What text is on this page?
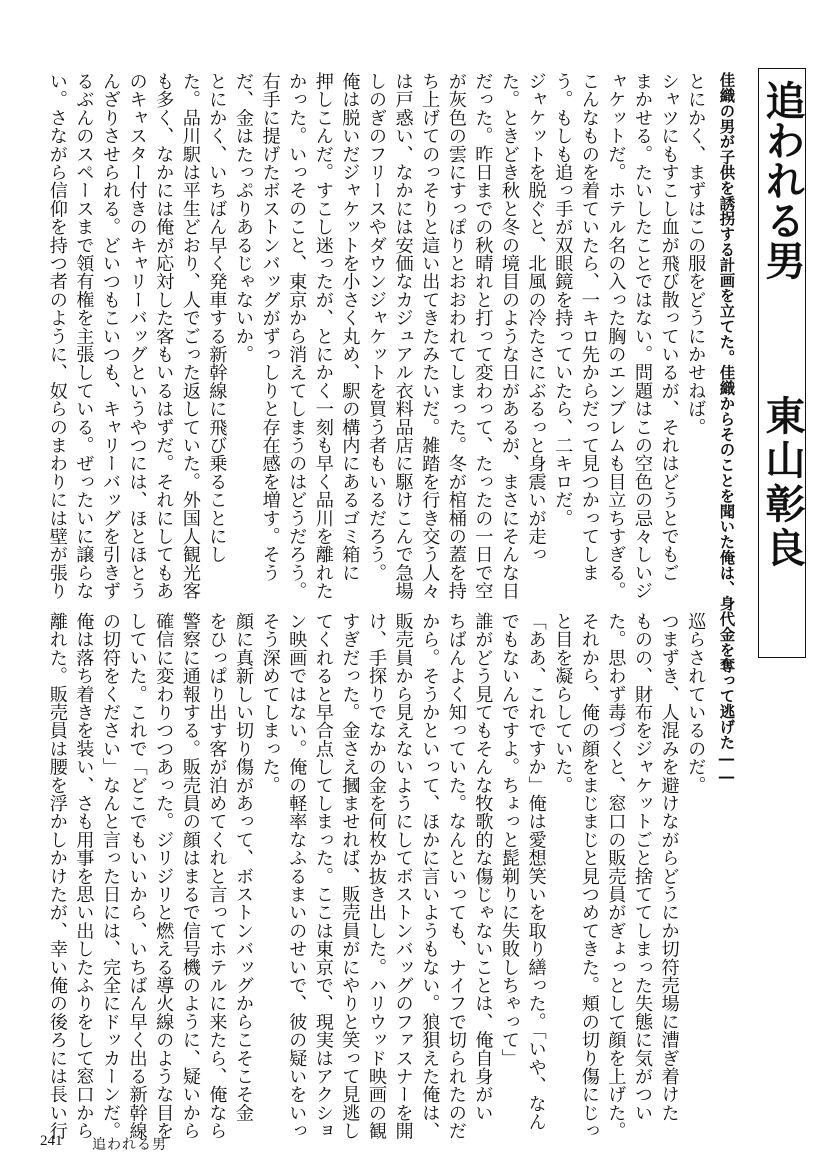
追われる男
東山彰良
佳織の男が子供を誘拐する計画を立てた。佳織からそのことを聞いた俺は、身代金を奪って逃げた――
とにかく、まずはこの服をどうにかせねば。
シャツにもすこし血が飛び散っているが、それはどうとでもご
まかせる。たいしたことではない。問題はこの空色の忌々しいジ
ャケットだ。ホテル名の入った胸のエンブレムも目立ちすぎる。
こんなものを着ていたら、一キロ先からだって見つかってしま
う。もしも追っ手が双眼鏡を持っていたら、二キロだ。
ジャケットを脱ぐと、北風の冷たさにぶるっと身震いが走っ
た。ときどき秋と冬の境目のような日があるが、まさにそんな日
だった。昨日までの秋晴れと打って変わって、たったの一日で空
が灰色の雲にすっぽりとおおわれてしまった。冬が棺桶の蓋を持
ち上げてのっそりと這い出てきたみたいだ。雑踏を行き交う人々
は戸惑い、なかには安価なカジュアル衣料品店に駆けこんで急場
しのぎのフリースやダウンジャケットを買う者もいるだろう。
俺は脱いだジャケットを小さく丸め、駅の構内にあるゴミ箱に
押しこんだ。すこし迷ったが、とにかく一刻も早く品川を離れた
かった。いっそのこと、東京から消えてしまうのはどうだろう。
右手に提げたボストンバッグがずっしりと存在感を増す。そう
だ、金はたっぷりあるじゃないか。
とにかく、いちばん早く発車する新幹線に飛び乗ることにし
た。品川駅は平生どおり、人でごった返していた。外国人観光客
も多く、なかには俺が応対した客もいるはずだ。それにしてもあ
のキャスター付きのキャリーバッグというやつには、ほとほとう
んざりさせられる。どいつもこいつも、キャリーバッグを引きず
るぶんのスペースまで領有権を主張している。ぜったいに譲らな
い。さながら信仰を持つ者のように、奴らのまわりには壁が張り
巡らされているのだ。
つまずき、人混みを避けながらどうにか切符売場に漕ぎ着けた
ものの、財布をジャケットごと捨ててしまった失態に気がつい
た。思わず毒づくと、窓口の販売員がぎょっとして顔を上げた。
それから、俺の顔をまじまじと見つめてきた。頬の切り傷にじっ
と目を凝らしていた。
「ああ、これですか」俺は愛想笑いを取り繕った。「いや、なん
でもないんですよ。ちょっと髭剃りに失敗しちゃって」
誰がどう見てもそんな牧歌的な傷じゃないことは、俺自身がい
ちばんよく知っていた。なんといっても、ナイフで切られたのだ
から。そうかといって、ほかに言いようもない。狼狽えた俺は、
販売員から見えないようにしてボストンバッグのファスナーを開
け、手探りでなかの金を何枚か抜き出した。ハリウッド映画の観
すぎだった。金さえ摑ませれば、販売員がにやりと笑って見逃し
てくれると早合点してしまった。ここは東京で、現実はアクショ
ン映画ではない。俺の軽率なふるまいのせいで、彼の疑いをいっ
そう深めてしまった。
顔に真新しい切り傷があって、ボストンバッグからこそこそ金
をひっぱり出す客が泊めてくれと言ってホテルに来たら、俺なら
警察に通報する。販売員の顔はまるで信号機のように、疑いから
確信に変わりつつあった。ジリジリと燃える導火線のような目を
していた。これで「どこでもいいから、いちばん早く出る新幹線
の切符をください」なんと言った日には、完全にドッカーンだ。
俺は落ち着きを装い、さも用事を思い出したふりをして窓口から
離れた。販売員は腰を浮かしかけたが、幸い俺の後ろには長い行
241 追われる男
